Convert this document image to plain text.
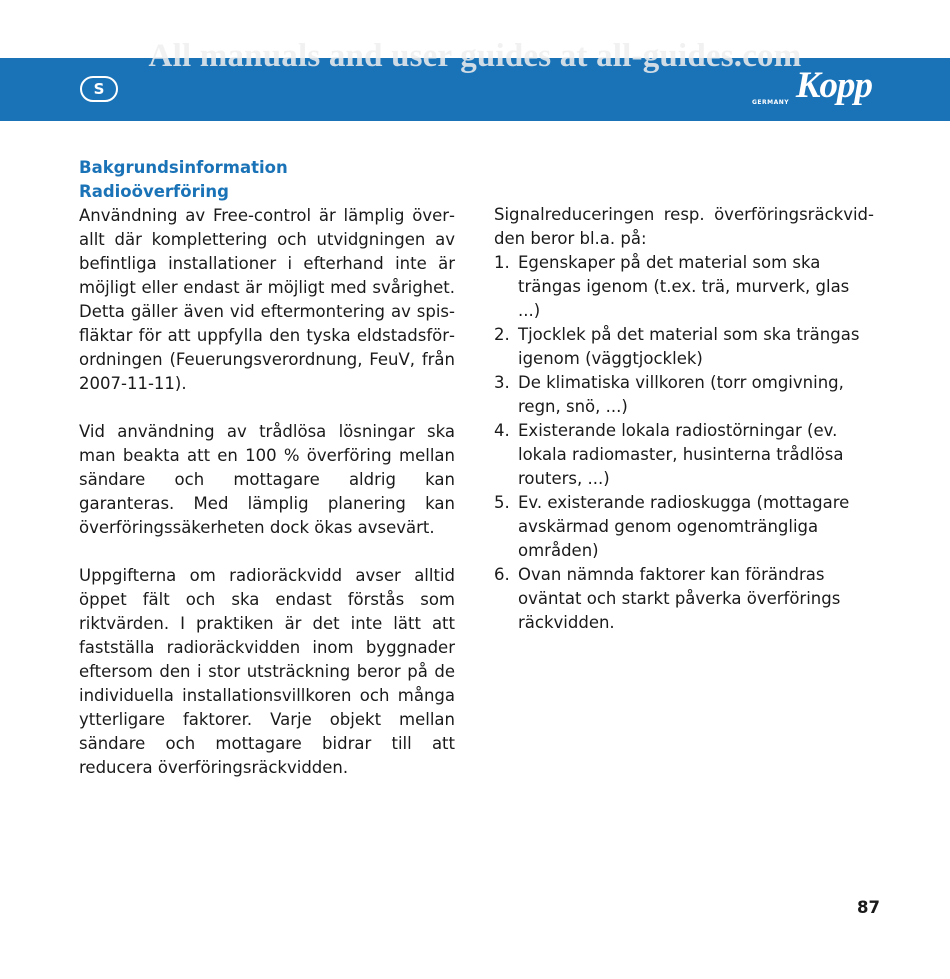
All manuals and user guides at all-guides.com
S	Kopp
GERMANY
Bakgrundsinformation
Radioöverföring

Användning av Free-control är lämplig överallt där komplettering och utvidgningen av befintliga installationer i efterhand inte är möjligt eller endast är möjligt med svårighet. Detta gäller även vid eftermontering av spisfläktar för att uppfylla den tyska eldstadsförordningen (Feuerungsverordnung, FeuV, från 2007-11-11).

Vid användning av trådlösa lösningar ska man beakta att en 100 % överföring mellan sändare och mottagare aldrig kan garanteras. Med lämplig planering kan överföringssäkerheten dock ökas avsevärt.

Uppgifterna om radioräckvidd avser alltid öppet fält och ska endast förstås som riktvärden. I praktiken är det inte lätt att fastställa radioräckvidden inom byggnader eftersom den i stor utsträckning beror på de individuella installationsvillkoren och många ytterligare faktorer. Varje objekt mellan sändare och mottagare bidrar till att reducera överföringsräckvidden.

Signalreduceringen resp. överföringsräckvidden beror bl.a. på:

1. Egenskaper på det material som ska trängas igenom (t.ex. trä, murverk, glas ...)
2. Tjocklek på det material som ska trängas igenom (väggtjocklek)
3. De klimatiska villkoren (torr omgivning, regn, snö, ...)
4. Existerande lokala radiostörningar (ev. lokala radiomaster, husinterna trådlösa routers, ...)
5. Ev. existerande radioskugga (mottagare avskärmad genom ogenomträngliga områden)
6. Ovan nämnda faktorer kan förändras oväntat och starkt påverka överförings räckvidden.
87
